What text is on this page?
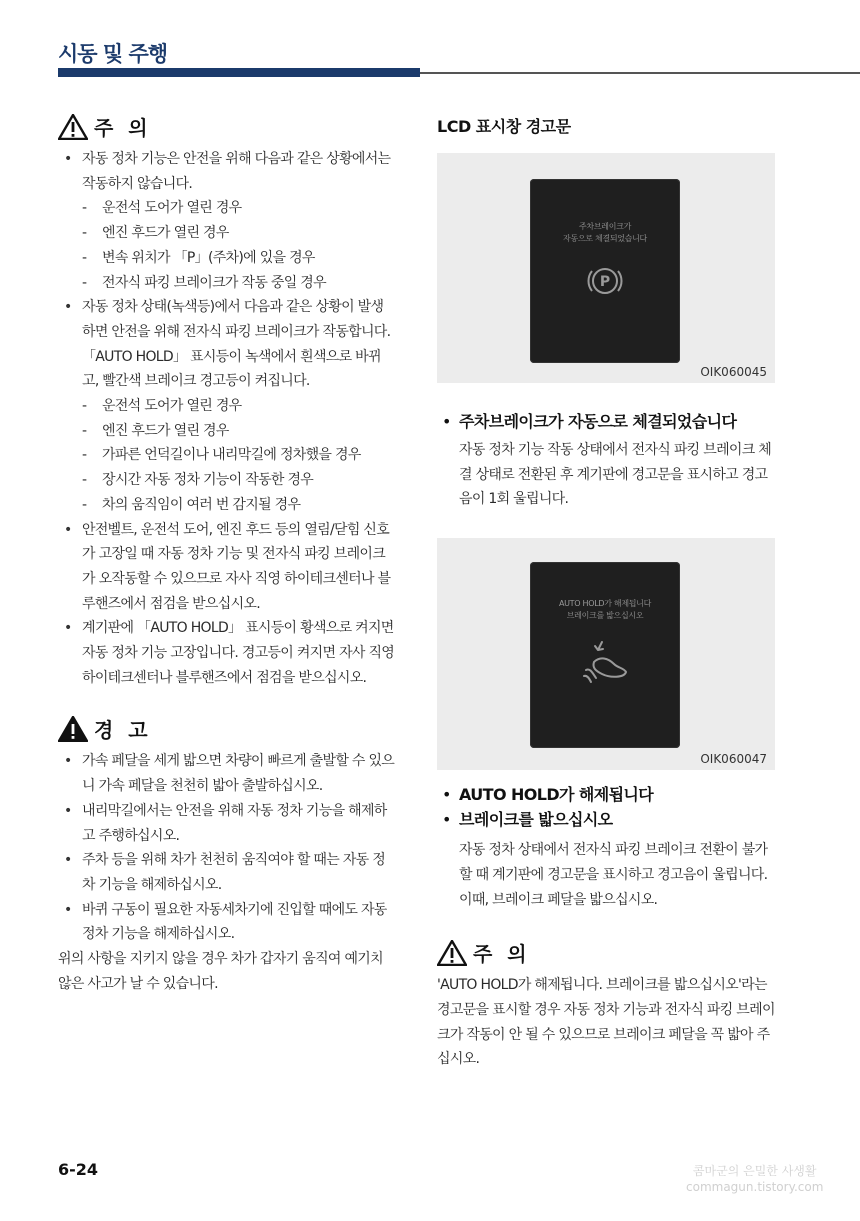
시동 및 주행
주 의
• 자동 정차 기능은 안전을 위해 다음과 같은 상황에서는 작동하지 않습니다.
- 운전석 도어가 열린 경우
- 엔진 후드가 열린 경우
- 변속 위치가 「P」(주차)에 있을 경우
- 전자식 파킹 브레이크가 작동 중일 경우
• 자동 정차 상태(녹색등)에서 다음과 같은 상황이 발생하면 안전을 위해 전자식 파킹 브레이크가 작동합니다. 「AUTO HOLD」 표시등이 녹색에서 흰색으로 바뀌고, 빨간색 브레이크 경고등이 켜집니다.
- 운전석 도어가 열린 경우
- 엔진 후드가 열린 경우
- 가파른 언덕길이나 내리막길에 정차했을 경우
- 장시간 자동 정차 기능이 작동한 경우
- 차의 움직임이 여러 번 감지될 경우
• 안전벨트, 운전석 도어, 엔진 후드 등의 열림/닫힘 신호가 고장일 때 자동 정차 기능 및 전자식 파킹 브레이크가 오작동할 수 있으므로 자사 직영 하이테크센터나 블루핸즈에서 점검을 받으십시오.
• 계기판에 「AUTO HOLD」 표시등이 황색으로 켜지면 자동 정차 기능 고장입니다. 경고등이 켜지면 자사 직영 하이테크센터나 블루핸즈에서 점검을 받으십시오.
경 고
• 가속 페달을 세게 밟으면 차량이 빠르게 출발할 수 있으니 가속 페달을 천천히 밟아 출발하십시오.
• 내리막길에서는 안전을 위해 자동 정차 기능을 해제하고 주행하십시오.
• 주차 등을 위해 차가 천천히 움직여야 할 때는 자동 정차 기능을 해제하십시오.
• 바퀴 구동이 필요한 자동세차기에 진입할 때에도 자동 정차 기능을 해제하십시오.

위의 사항을 지키지 않을 경우 차가 갑자기 움직여 예기치 않은 사고가 날 수 있습니다.

LCD 표시창 경고문
주차브레이크가
자동으로 체결되었습니다
P
OIK060045
• 주차브레이크가 자동으로 체결되었습니다

자동 정차 기능 작동 상태에서 전자식 파킹 브레이크 체결 상태로 전환된 후 계기판에 경고문을 표시하고 경고음이 1회 울립니다.

AUTO HOLD가 해제됩니다
브레이크를 밟으십시오
OIK060047
• AUTO HOLD가 해제됩니다
• 브레이크를 밟으십시오

자동 정차 상태에서 전자식 파킹 브레이크 전환이 불가할 때 계기판에 경고문을 표시하고 경고음이 울립니다. 이때, 브레이크 페달을 밟으십시오.

주 의

'AUTO HOLD가 해제됩니다. 브레이크를 밟으십시오'라는 경고문을 표시할 경우 자동 정차 기능과 전자식 파킹 브레이크가 작동이 안 될 수 있으므로 브레이크 페달을 꼭 밟아 주십시오.

6-24	콤마군의 은밀한 사생활
commagun.tistory.com
